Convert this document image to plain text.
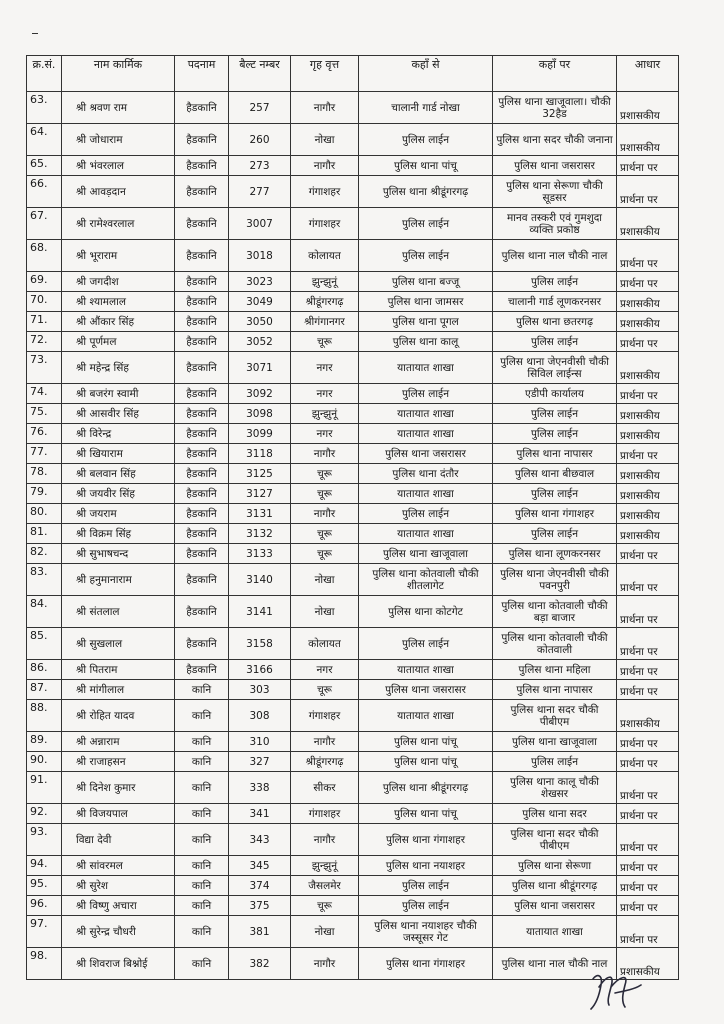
क्र.सं.	नाम कार्मिक	पदनाम	बैल्ट नम्बर	गृह वृत्त	कहाँ से	कहाँ पर	आधार
63.	श्री श्रवण राम	हैडकानि	257	नागौर	चालानी गार्ड नोखा	पुलिस थाना खाजूवाला। चौकी 32हैड	प्रशासकीय
64.	श्री जोधाराम	हैडकानि	260	नोखा	पुलिस लाईन	पुलिस थाना सदर चौकी जनाना	प्रशासकीय
65.	श्री भंवरलाल	हैडकानि	273	नागौर	पुलिस थाना पांचू	पुलिस थाना जसरासर	प्रार्थना पर
66.	श्री आवड़दान	हैडकानि	277	गंगाशहर	पुलिस थाना श्रीडूंगरगढ़	पुलिस थाना सेरूणा चौकी सूडसर	प्रार्थना पर
67.	श्री रामेश्वरलाल	हैडकानि	3007	गंगाशहर	पुलिस लाईन	मानव तस्करी एवं गुमशुदा व्यक्ति प्रकोष्ठ	प्रशासकीय
68.	श्री भूराराम	हैडकानि	3018	कोलायत	पुलिस लाईन	पुलिस थाना नाल चौकी नाल	प्रार्थना पर
69.	श्री जगदीश	हैडकानि	3023	झुन्झुनूं	पुलिस थाना बज्जू	पुलिस लाईन	प्रार्थना पर
70.	श्री श्यामलाल	हैडकानि	3049	श्रीडूंगरगढ़	पुलिस थाना जामसर	चालानी गार्ड लूणकरनसर	प्रशासकीय
71.	श्री औंकार सिंह	हैडकानि	3050	श्रीगंगानगर	पुलिस थाना पूगल	पुलिस थाना छतरगढ़	प्रशासकीय
72.	श्री पूर्णमल	हैडकानि	3052	चूरू	पुलिस थाना कालू	पुलिस लाईन	प्रार्थना पर
73.	श्री महेन्द्र सिंह	हैडकानि	3071	नगर	यातायात शाखा	पुलिस थाना जेएनवीसी चौकी सिविल लाईन्स	प्रशासकीय
74.	श्री बजरंग स्वामी	हैडकानि	3092	नगर	पुलिस लाईन	एडीपी कार्यालय	प्रार्थना पर
75.	श्री आसवीर सिंह	हैडकानि	3098	झुन्झुनूं	यातायात शाखा	पुलिस लाईन	प्रशासकीय
76.	श्री विरेन्द्र	हैडकानि	3099	नगर	यातायात शाखा	पुलिस लाईन	प्रशासकीय
77.	श्री खियाराम	हैडकानि	3118	नागौर	पुलिस थाना जसरासर	पुलिस थाना नापासर	प्रार्थना पर
78.	श्री बलवान सिंह	हैडकानि	3125	चूरू	पुलिस थाना दंतौर	पुलिस थाना बीछवाल	प्रशासकीय
79.	श्री जयवीर सिंह	हैडकानि	3127	चूरू	यातायात शाखा	पुलिस लाईन	प्रशासकीय
80.	श्री जयराम	हैडकानि	3131	नागौर	पुलिस लाईन	पुलिस थाना गंगाशहर	प्रशासकीय
81.	श्री विक्रम सिंह	हैडकानि	3132	चूरू	यातायात शाखा	पुलिस लाईन	प्रशासकीय
82.	श्री सुभाषचन्द	हैडकानि	3133	चूरू	पुलिस थाना खाजूवाला	पुलिस थाना लूणकरनसर	प्रार्थना पर
83.	श्री हनुमानाराम	हैडकानि	3140	नोखा	पुलिस थाना कोतवाली चौकी शीतलागेट	पुलिस थाना जेएनवीसी चौकी पवनपुरी	प्रार्थना पर
84.	श्री संतलाल	हैडकानि	3141	नोखा	पुलिस थाना कोटगेट	पुलिस थाना कोतवाली चौकी बड़ा बाजार	प्रार्थना पर
85.	श्री सुखलाल	हैडकानि	3158	कोलायत	पुलिस लाईन	पुलिस थाना कोतवाली चौकी कोतवाली	प्रार्थना पर
86.	श्री पितराम	हैडकानि	3166	नगर	यातायात शाखा	पुलिस थाना महिला	प्रार्थना पर
87.	श्री मांगीलाल	कानि	303	चूरू	पुलिस थाना जसरासर	पुलिस थाना नापासर	प्रार्थना पर
88.	श्री रोहित यादव	कानि	308	गंगाशहर	यातायात शाखा	पुलिस थाना सदर चौकी पीबीएम	प्रशासकीय
89.	श्री अन्नाराम	कानि	310	नागौर	पुलिस थाना पांचू	पुलिस थाना खाजूवाला	प्रार्थना पर
90.	श्री राजाहसन	कानि	327	श्रीडूंगरगढ़	पुलिस थाना पांचू	पुलिस लाईन	प्रार्थना पर
91.	श्री दिनेश कुमार	कानि	338	सीकर	पुलिस थाना श्रीडूंगरगढ़	पुलिस थाना कालू चौकी शेखसर	प्रार्थना पर
92.	श्री विजयपाल	कानि	341	गंगाशहर	पुलिस थाना पांचू	पुलिस थाना सदर	प्रार्थना पर
93.	विद्या देवी	कानि	343	नागौर	पुलिस थाना गंगाशहर	पुलिस थाना सदर चौकी पीबीएम	प्रार्थना पर
94.	श्री सांवरमल	कानि	345	झुन्झुनूं	पुलिस थाना नयाशहर	पुलिस थाना सेरूणा	प्रार्थना पर
95.	श्री सुरेश	कानि	374	जैसलमेर	पुलिस लाईन	पुलिस थाना श्रीडूंगरगढ़	प्रार्थना पर
96.	श्री विष्णु अचारा	कानि	375	चूरू	पुलिस लाईन	पुलिस थाना जसरासर	प्रार्थना पर
97.	श्री सुरेन्द्र चौधरी	कानि	381	नोखा	पुलिस थाना नयाशहर चौकी जस्सूसर गेट	यातायात शाखा	प्रार्थना पर
98.	श्री शिवराज बिश्नोई	कानि	382	नागौर	पुलिस थाना गंगाशहर	पुलिस थाना नाल चौकी नाल	प्रशासकीय
